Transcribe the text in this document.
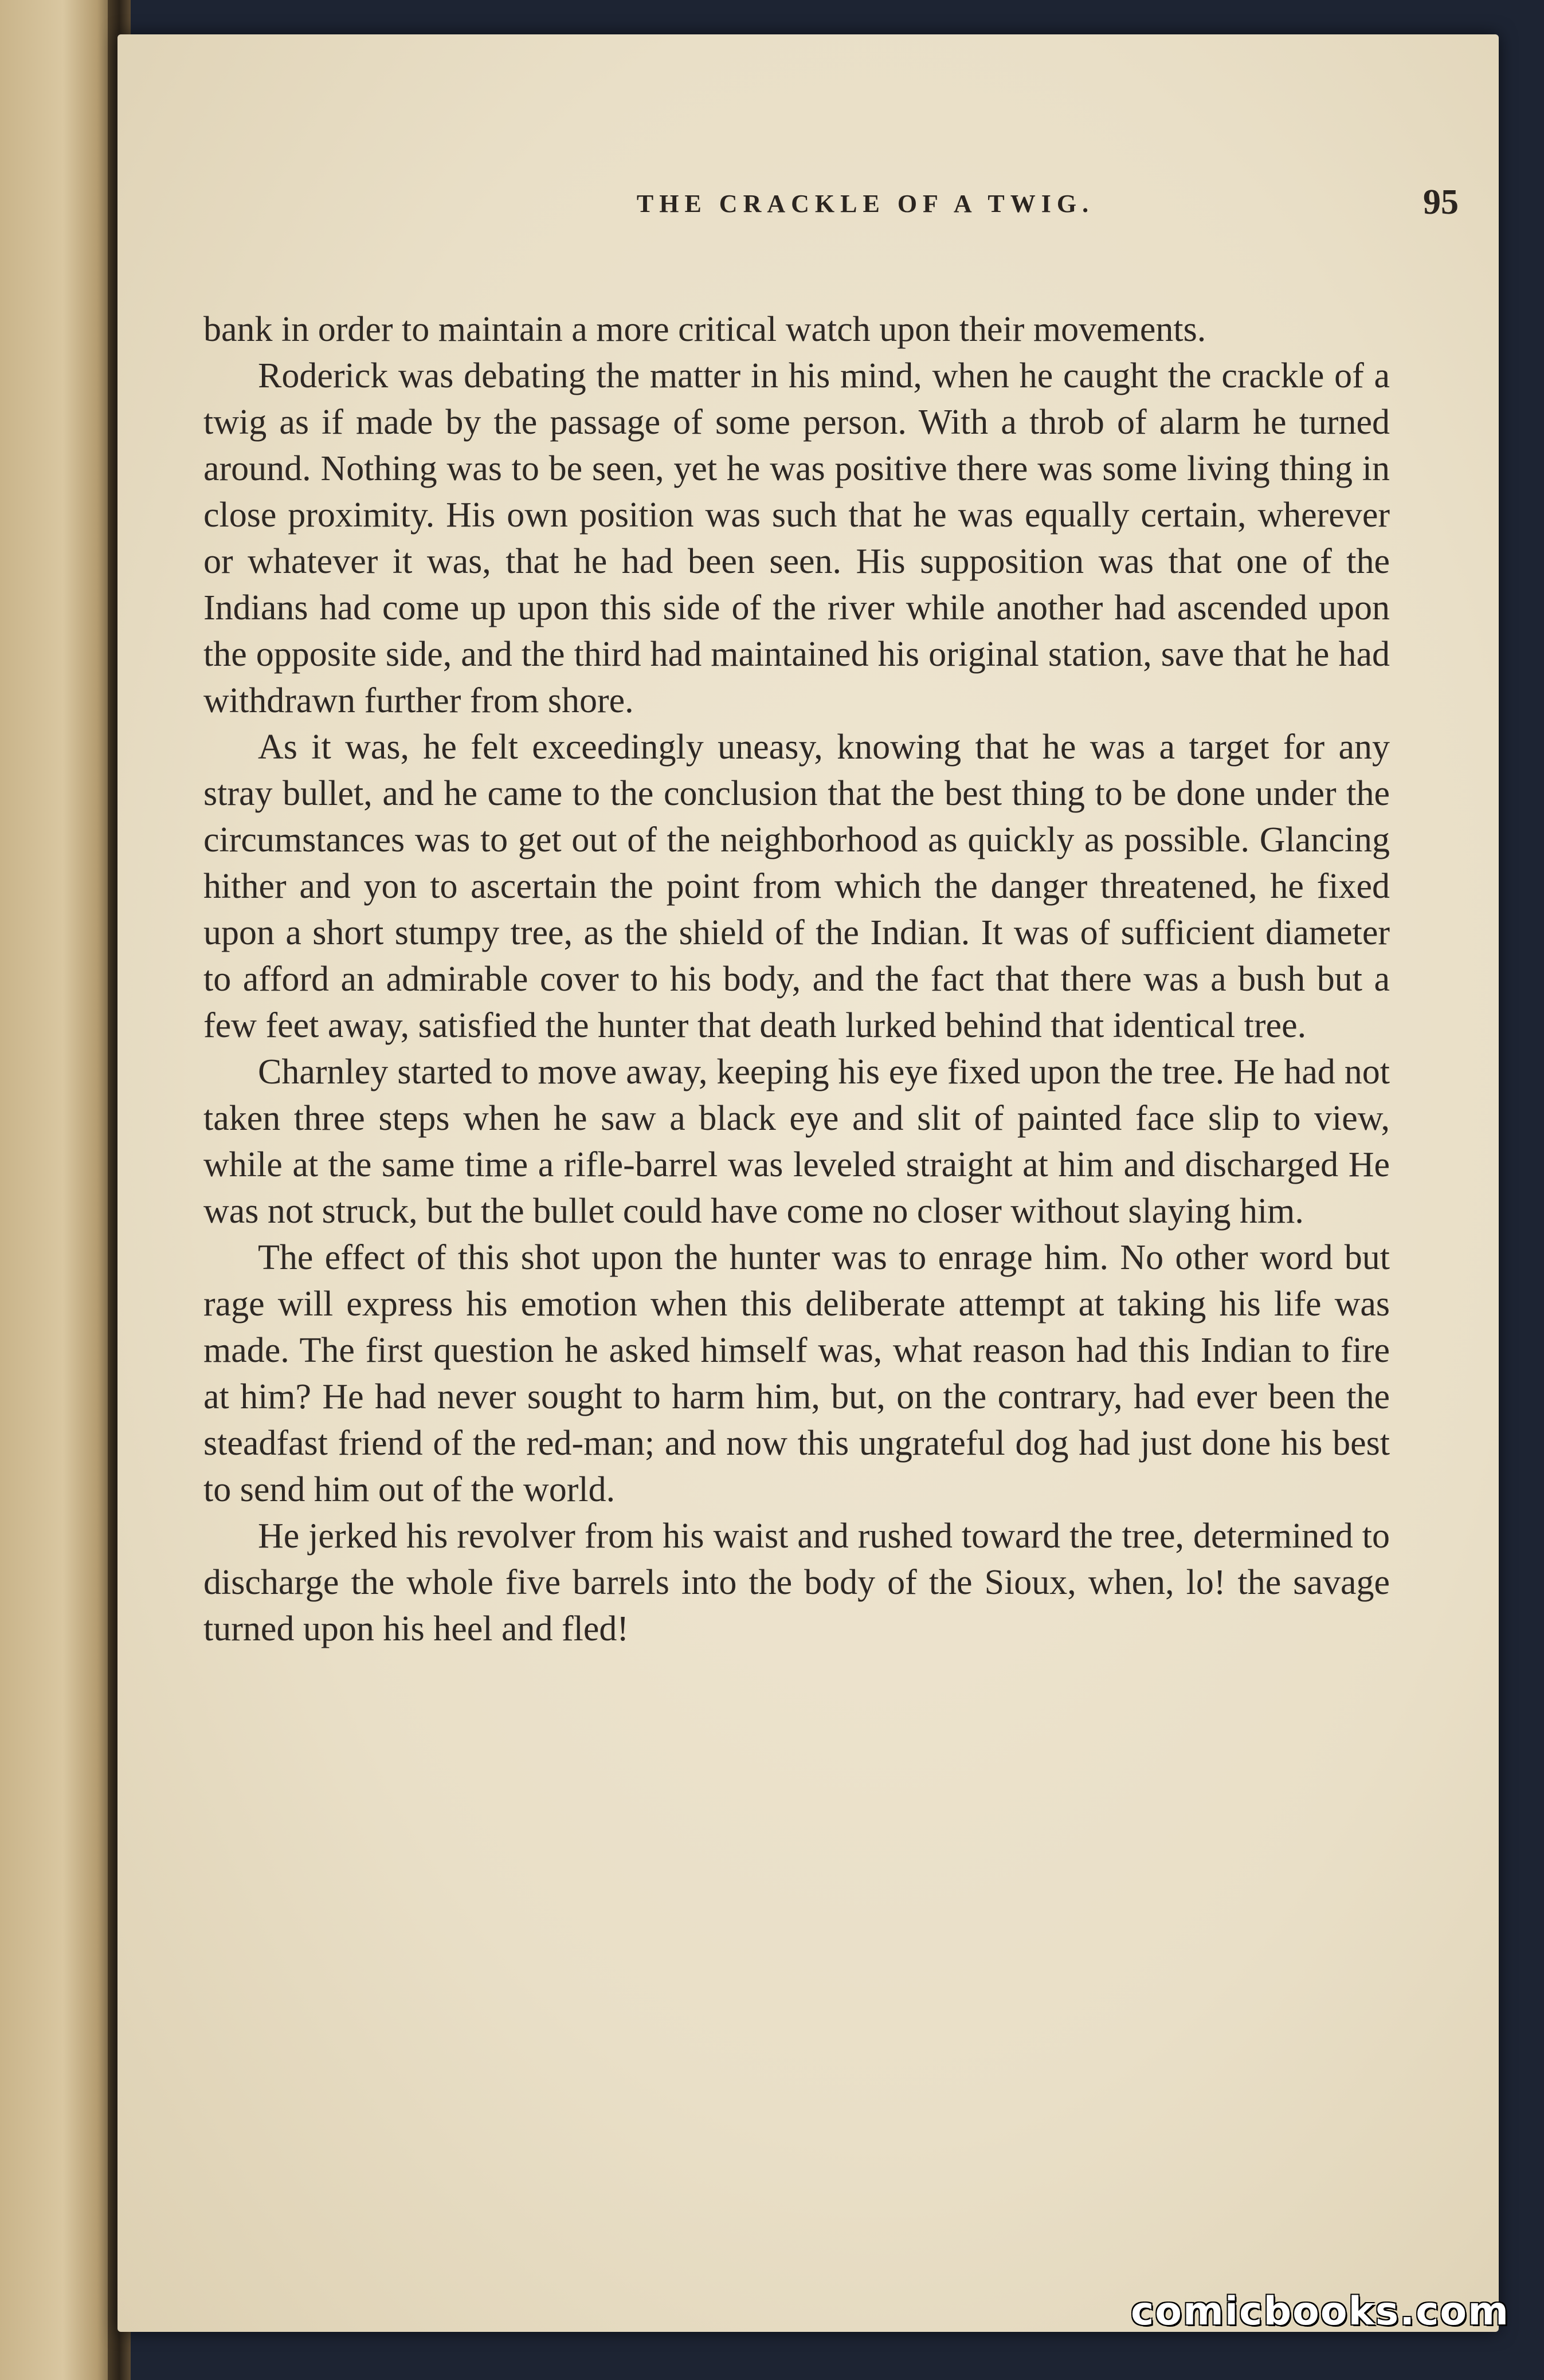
THE CRACKLE OF A TWIG.	95

bank in order to maintain a more critical watch upon their movements.

Roderick was debating the matter in his mind, when he caught the crackle of a twig as if made by the passage of some person. With a throb of alarm he turned around. Nothing was to be seen, yet he was positive there was some living thing in close proximity. His own position was such that he was equally certain, wherever or whatever it was, that he had been seen. His supposition was that one of the Indians had come up upon this side of the river while another had ascended upon the opposite side, and the third had maintained his original station, save that he had withdrawn further from shore.

As it was, he felt exceedingly uneasy, knowing that he was a target for any stray bullet, and he came to the conclusion that the best thing to be done under the circumstances was to get out of the neighborhood as quickly as possible. Glancing hither and yon to ascertain the point from which the danger threatened, he fixed upon a short stumpy tree, as the shield of the Indian. It was of sufficient diameter to afford an admirable cover to his body, and the fact that there was a bush but a few feet away, satisfied the hunter that death lurked behind that identical tree.

Charnley started to move away, keeping his eye fixed upon the tree. He had not taken three steps when he saw a black eye and slit of painted face slip to view, while at the same time a rifle-barrel was leveled straight at him and discharged He was not struck, but the bullet could have come no closer without slaying him.

The effect of this shot upon the hunter was to enrage him. No other word but rage will express his emotion when this deliberate attempt at taking his life was made. The first question he asked himself was, what reason had this Indian to fire at him? He had never sought to harm him, but, on the contrary, had ever been the steadfast friend of the red-man; and now this ungrateful dog had just done his best to send him out of the world.

He jerked his revolver from his waist and rushed toward the tree, determined to discharge the whole five barrels into the body of the Sioux, when, lo! the savage turned upon his heel and fled!

comicbooks.com
